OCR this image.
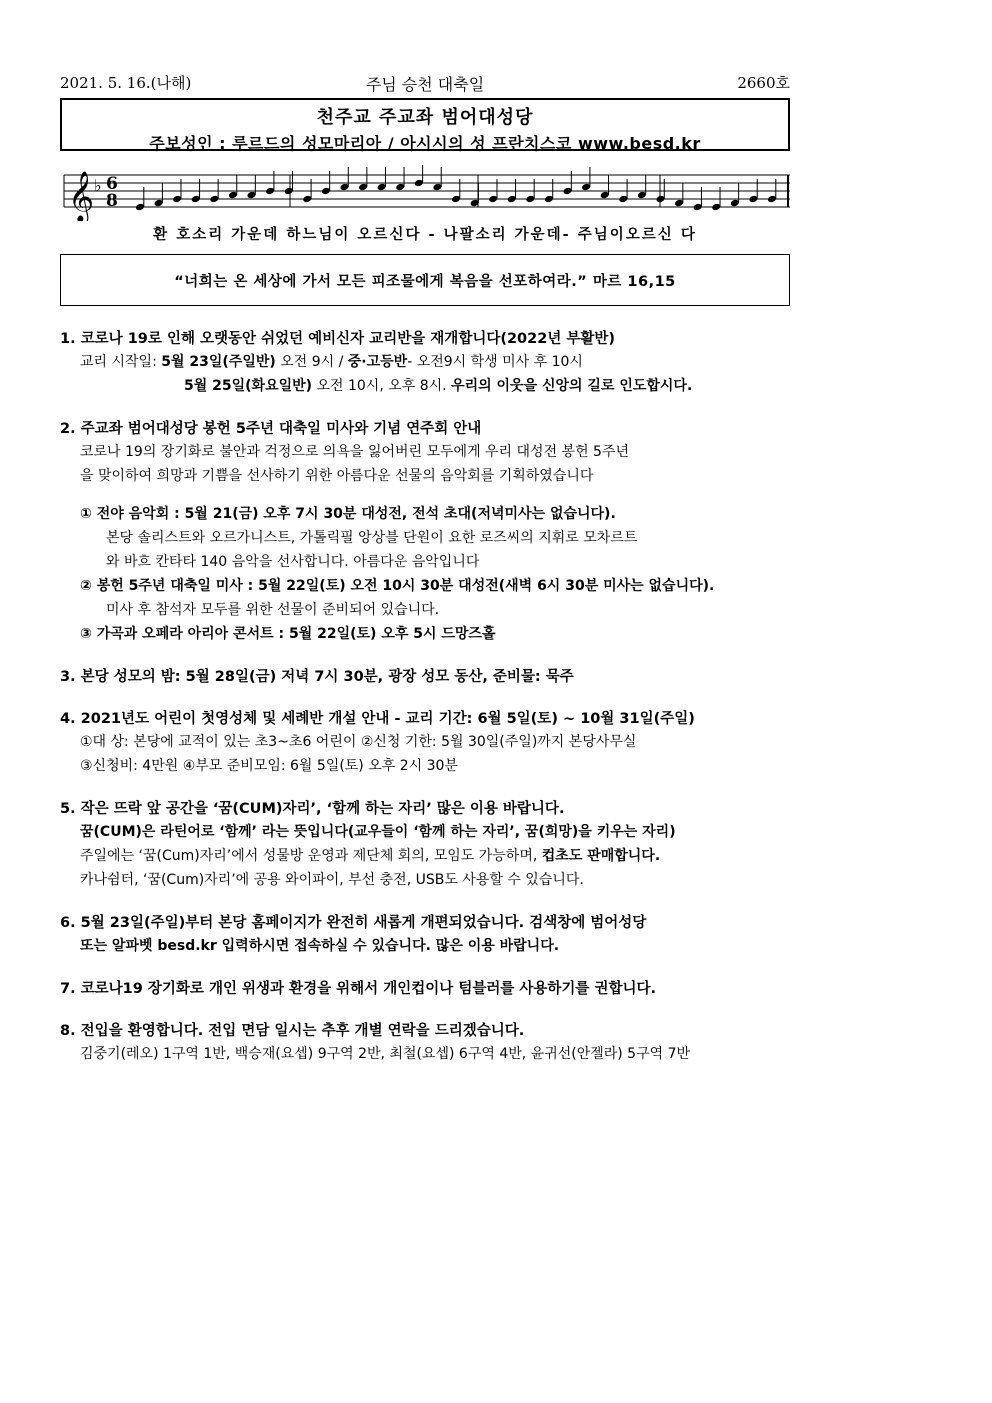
2021. 5. 16.(나해)	주님 승천 대축일	2660호
천주교 주교좌 범어대성당
주보성인 : 루르드의 성모마리아 / 아시시의 성 프란치스코 www.besd.kr
𝄞 ♭ 6
8
환 호소리 가운데 하느님이 오르신다 - 나팔소리 가운데- 주님이오르신 다
“너희는 온 세상에 가서 모든 피조물에게 복음을 선포하여라.” 마르 16,15
1. 코로나 19로 인해 오랫동안 쉬었던 예비신자 교리반을 재개합니다(2022년 부활반)
교리 시작일: 5월 23일(주일반) 오전 9시 / 중·고등반- 오전9시 학생 미사 후 10시
5월 25일(화요일반) 오전 10시, 오후 8시. 우리의 이웃을 신앙의 길로 인도합시다.
2. 주교좌 범어대성당 봉헌 5주년 대축일 미사와 기념 연주회 안내
코로나 19의 장기화로 불안과 걱정으로 의욕을 잃어버린 모두에게 우리 대성전 봉헌 5주년
을 맞이하여 희망과 기쁨을 선사하기 위한 아름다운 선물의 음악회를 기획하였습니다
① 전야 음악회 : 5월 21(금) 오후 7시 30분 대성전, 전석 초대(저녁미사는 없습니다).
본당 솔리스트와 오르가니스트, 가톨릭필 앙상블 단원이 요한 로즈씨의 지휘로 모차르트
와 바흐 칸타타 140 음악을 선사합니다. 아름다운 음악입니다
② 봉헌 5주년 대축일 미사 : 5월 22일(토) 오전 10시 30분 대성전(새벽 6시 30분 미사는 없습니다).
미사 후 참석자 모두를 위한 선물이 준비되어 있습니다.
③ 가곡과 오페라 아리아 콘서트 : 5월 22일(토) 오후 5시 드망즈홀
3. 본당 성모의 밤: 5월 28일(금) 저녁 7시 30분, 광장 성모 동산, 준비물: 묵주
4. 2021년도 어린이 첫영성체 및 세례반 개설 안내 - 교리 기간: 6월 5일(토) ~ 10월 31일(주일)
①대 상: 본당에 교적이 있는 초3~초6 어린이 ②신청 기한: 5월 30일(주일)까지 본당사무실
③신청비: 4만원 ④부모 준비모임: 6월 5일(토) 오후 2시 30분
5. 작은 뜨락 앞 공간을 ‘꿈(CUM)자리’, ‘함께 하는 자리’ 많은 이용 바랍니다.
꿈(CUM)은 라틴어로 ‘함께’ 라는 뜻입니다(교우들이 ‘함께 하는 자리’, 꿈(희망)을 키우는 자리)
주일에는 ‘꿈(Cum)자리’에서 성물방 운영과 제단체 회의, 모임도 가능하며, 컵초도 판매합니다.
카나쉼터, ‘꿈(Cum)자리’에 공용 와이파이, 부선 충전, USB도 사용할 수 있습니다.
6. 5월 23일(주일)부터 본당 홈페이지가 완전히 새롭게 개편되었습니다. 검색창에 범어성당
또는 알파벳 besd.kr 입력하시면 접속하실 수 있습니다. 많은 이용 바랍니다.
7. 코로나19 장기화로 개인 위생과 환경을 위해서 개인컵이나 텀블러를 사용하기를 권합니다.
8. 전입을 환영합니다. 전입 면담 일시는 추후 개별 연락을 드리겠습니다.
김중기(레오) 1구역 1반, 백승재(요셉) 9구역 2반, 최철(요셉) 6구역 4반, 윤귀선(안젤라) 5구역 7반
